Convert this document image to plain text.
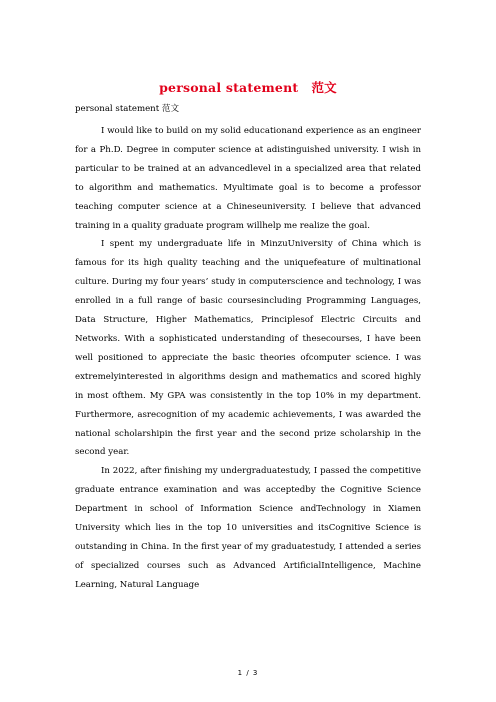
personal statement 范文
personal statement 范文

I would like to build on my solid educationand experience as an engineer for a Ph.D. Degree in computer science at adistinguished university. I wish in particular to be trained at an advancedlevel in a specialized area that related to algorithm and mathematics. Myultimate goal is to become a professor teaching computer science at a Chineseuniversity. I believe that advanced training in a quality graduate program willhelp me realize the goal.

I spent my undergraduate life in MinzuUniversity of China which is famous for its high quality teaching and the uniquefeature of multinational culture. During my four years’ study in computerscience and technology, I was enrolled in a full range of basic coursesincluding Programming Languages, Data Structure, Higher Mathematics, Principlesof Electric Circuits and Networks. With a sophisticated understanding of thesecourses, I have been well positioned to appreciate the basic theories ofcomputer science. I was extremelyinterested in algorithms design and mathematics and scored highly in most ofthem. My GPA was consistently in the top 10% in my department. Furthermore, asrecognition of my academic achievements, I was awarded the national scholarshipin the first year and the second prize scholarship in the second year.

In 2022, after finishing my undergraduatestudy, I passed the competitive graduate entrance examination and was acceptedby the Cognitive Science Department in school of Information Science andTechnology in Xiamen University which lies in the top 10 universities and itsCognitive Science is outstanding in China. In the first year of my graduatestudy, I attended a series of specialized courses such as Advanced ArtificialIntelligence, Machine Learning, Natural Language

1 / 3
